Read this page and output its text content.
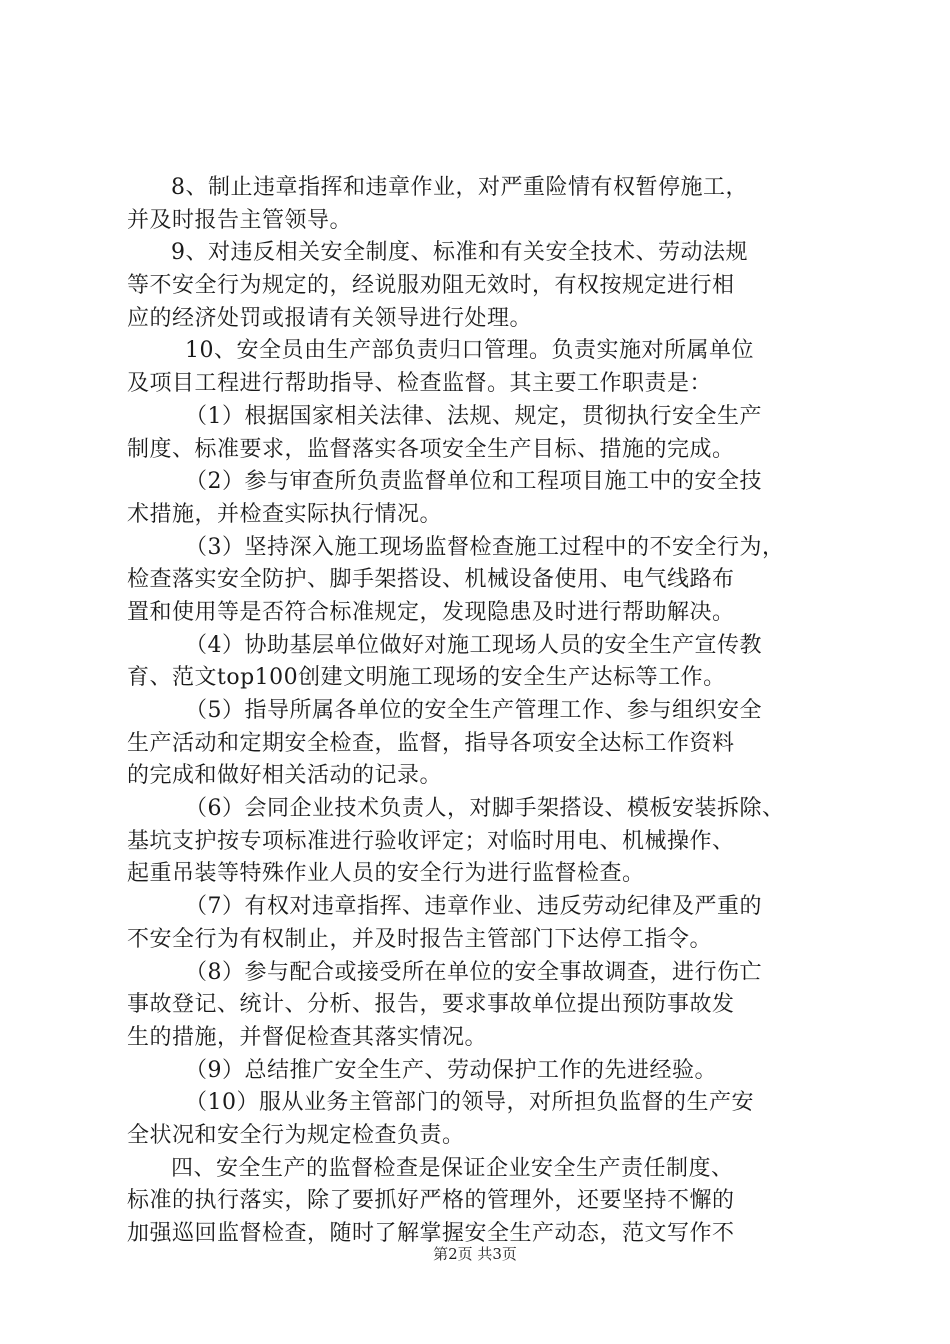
8、制止违章指挥和违章作业，对严重险情有权暂停施工，
并及时报告主管领导。
9、对违反相关安全制度、标准和有关安全技术、劳动法规
等不安全行为规定的，经说服劝阻无效时，有权按规定进行相
应的经济处罚或报请有关领导进行处理。
10、安全员由生产部负责归口管理。负责实施对所属单位
及项目工程进行帮助指导、检查监督。其主要工作职责是：
（1）根据国家相关法律、法规、规定，贯彻执行安全生产
制度、标准要求，监督落实各项安全生产目标、措施的完成。
（2）参与审查所负责监督单位和工程项目施工中的安全技
术措施，并检查实际执行情况。
（3）坚持深入施工现场监督检查施工过程中的不安全行为，
检查落实安全防护、脚手架搭设、机械设备使用、电气线路布
置和使用等是否符合标准规定，发现隐患及时进行帮助解决。
（4）协助基层单位做好对施工现场人员的安全生产宣传教
育、范文top100创建文明施工现场的安全生产达标等工作。
（5）指导所属各单位的安全生产管理工作、参与组织安全
生产活动和定期安全检查，监督，指导各项安全达标工作资料
的完成和做好相关活动的记录。
（6）会同企业技术负责人，对脚手架搭设、模板安装拆除、
基坑支护按专项标准进行验收评定；对临时用电、机械操作、
起重吊装等特殊作业人员的安全行为进行监督检查。
（7）有权对违章指挥、违章作业、违反劳动纪律及严重的
不安全行为有权制止，并及时报告主管部门下达停工指令。
（8）参与配合或接受所在单位的安全事故调查，进行伤亡
事故登记、统计、分析、报告，要求事故单位提出预防事故发
生的措施，并督促检查其落实情况。
（9）总结推广安全生产、劳动保护工作的先进经验。
（10）服从业务主管部门的领导，对所担负监督的生产安
全状况和安全行为规定检查负责。
四、安全生产的监督检查是保证企业安全生产责任制度、
标准的执行落实，除了要抓好严格的管理外，还要坚持不懈的
加强巡回监督检查，随时了解掌握安全生产动态，范文写作不
第2页 共3页
